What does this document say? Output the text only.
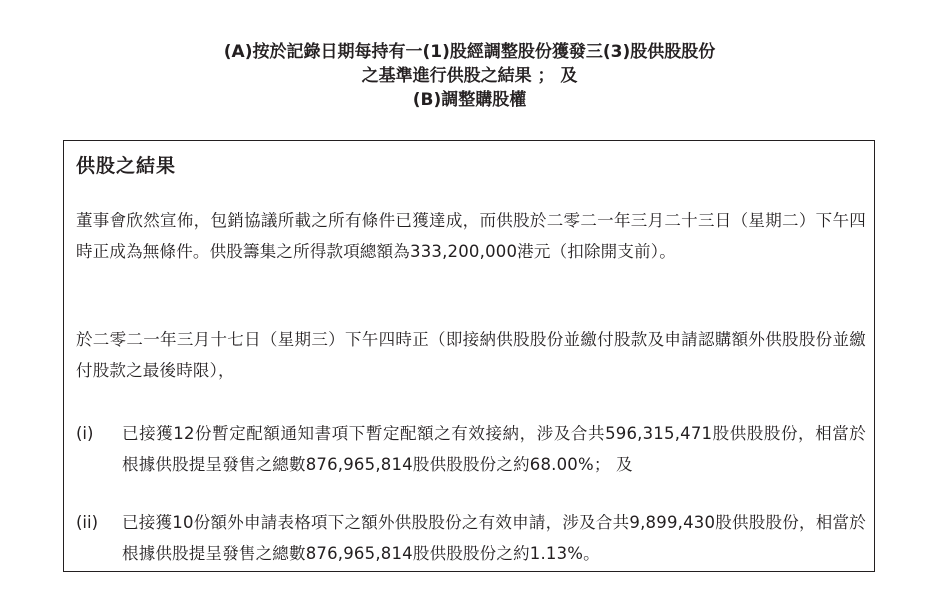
(A)按於記錄日期每持有一(1)股經調整股份獲發三(3)股供股股份
之基準進行供股之結果 ； 及
(B)調整購股權
供股之結果
董事會欣然宣佈，包銷協議所載之所有條件已獲達成，而供股於二零二一年三月二十三日（星期二）下午四時正成為無條件。供股籌集之所得款項總額為333,200,000港元（扣除開支前）。
於二零二一年三月十七日（星期三）下午四時正（即接納供股股份並繳付股款及申請認購額外供股股份並繳付股款之最後時限），
(i)	已接獲12份暫定配額通知書項下暫定配額之有效接納，涉及合共596,315,471股供股股份，相當於根據供股提呈發售之總數876,965,814股供股股份之約68.00%； 及
(ii)	已接獲10份額外申請表格項下之額外供股股份之有效申請，涉及合共9,899,430股供股股份，相當於根據供股提呈發售之總數876,965,814股供股股份之約1.13%。
